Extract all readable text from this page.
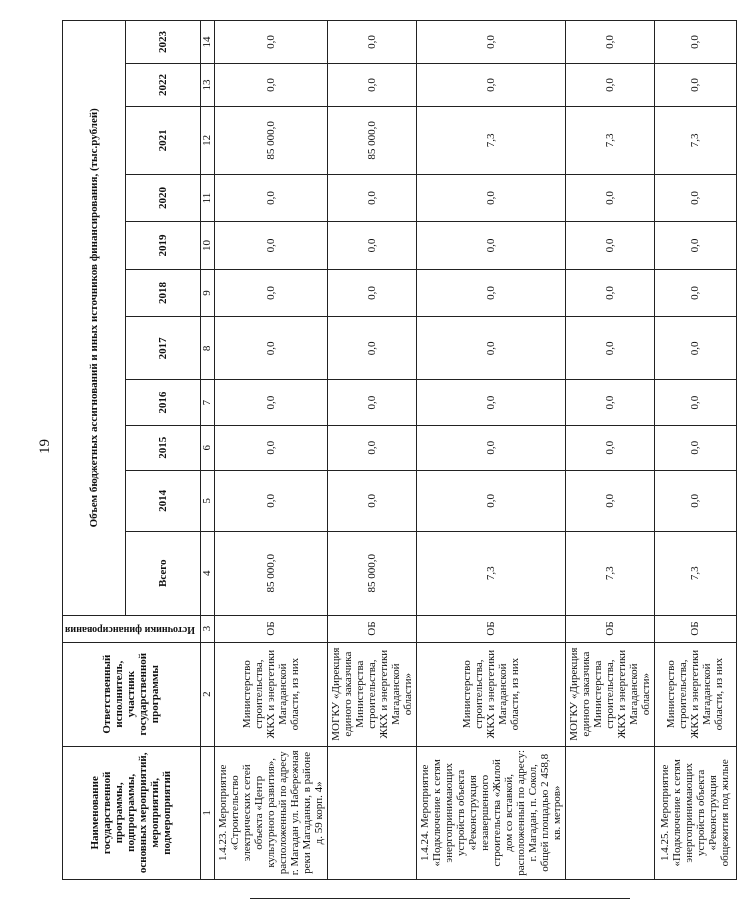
19
Наименование государственной программы, подпрограммы, основных мероприятий, мероприятий, подмероприятий	Ответственный исполнитель, участник государственной программы	Источники финансирования	Объем бюджетных ассигнований и иных источников финансирования, (тыс.рублей)										
			Всего	2014	2015	2016	2017	2018	2019	2020	2021	2022	2023
1	2	3	4	5	6	7	8	9	10	11	12	13	14
1.4.23. Мероприятие «Строительство электрических сетей объекта «Центр культурного развития», расположенный по адресу г. Магадан ул. Набережная реки Магаданки, в районе д. 59 корп. 4»	Министерство строительства, ЖКХ и энергетики Магаданской области, из них	ОБ	85 000,0	0,0	0,0	0,0	0,0	0,0	0,0	0,0	85 000,0	0,0	0,0
	МОГКУ «Дирекция единого заказчика Министерства строительства, ЖКХ и энергетики Магаданской области»	ОБ	85 000,0	0,0	0,0	0,0	0,0	0,0	0,0	0,0	85 000,0	0,0	0,0
1.4.24. Мероприятие «Подключение к сетям энергопринимающих устройств объекта «Реконструкция незавершенного строительства «Жилой дом со вставкой, расположенный по адресу: г. Магадан, п. Сокол, общей площадью 2 458,8 кв. метров»	Министерство строительства, ЖКХ и энергетики Магаданской области, из них	ОБ	7,3	0,0	0,0	0,0	0,0	0,0	0,0	0,0	7,3	0,0	0,0
	МОГКУ «Дирекция единого заказчика Министерства строительства, ЖКХ и энергетики Магаданской области»	ОБ	7,3	0,0	0,0	0,0	0,0	0,0	0,0	0,0	7,3	0,0	0,0
1.4.25. Мероприятие «Подключение к сетям энергопринимающих устройств объекта «Реконструкция общежития под жилые	Министерство строительства, ЖКХ и энергетики Магаданской области, из них	ОБ	7,3	0,0	0,0	0,0	0,0	0,0	0,0	0,0	7,3	0,0	0,0
